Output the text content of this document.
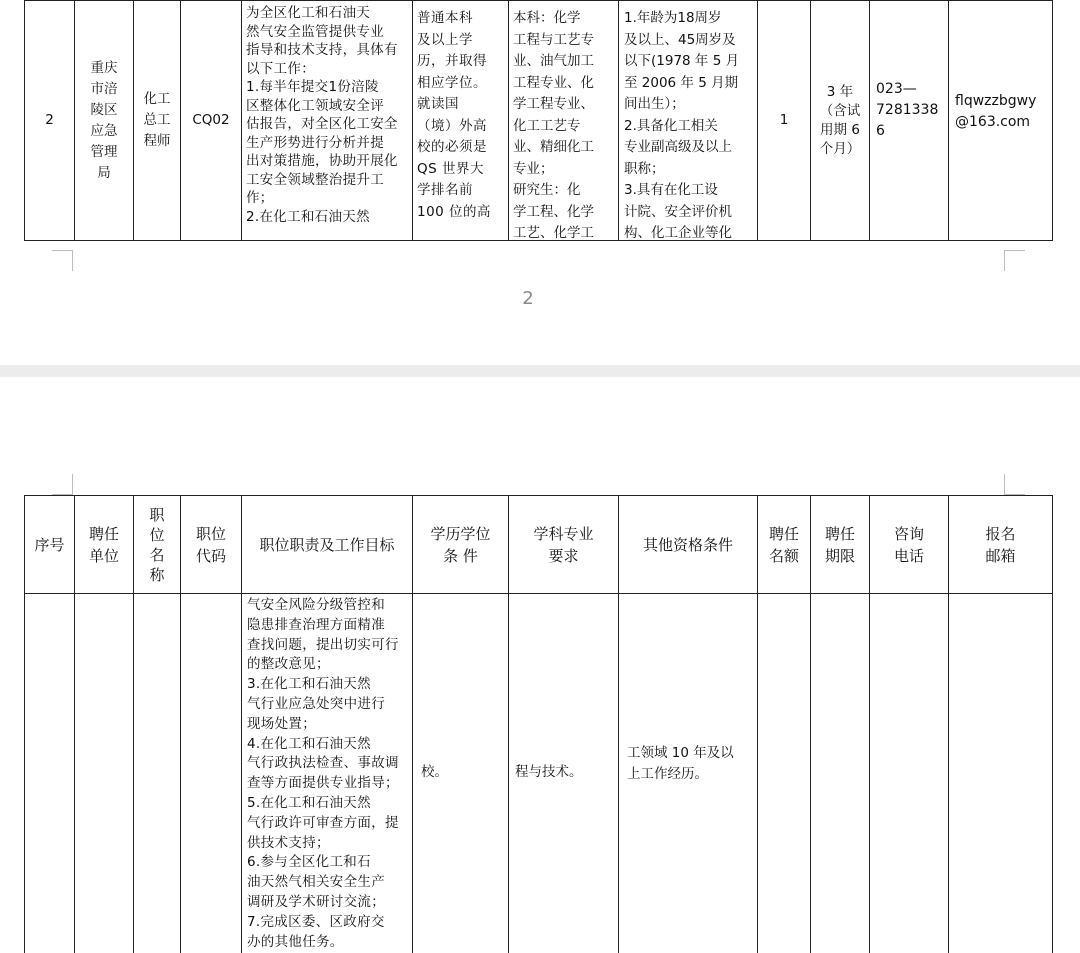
2
重庆
市涪
陵区
应急
管理
局
化工
总工
程师
CQ02
为全区化工和石油天
然气安全监管提供专业
指导和技术支持，具体有
以下工作：
1.每半年提交1份涪陵
区整体化工领域安全评
估报告，对全区化工安全
生产形势进行分析并提
出对策措施，协助开展化
工安全领域整治提升工
作；
2.在化工和石油天然
普通本科
及以上学
历，并取得
相应学位。
就读国
（境）外高
校的必须是
QS 世界大
学排名前
100 位的高
本科：化学
工程与工艺专
业、油气加工
工程专业、化
学工程专业、
化工工艺专
业、精细化工
专业；
研究生：化
学工程、化学
工艺、化学工
1.年龄为18周岁
及以上、45周岁及
以下(1978 年 5 月
至 2006 年 5 月期
间出生）；
2.具备化工相关
专业副高级及以上
职称；
3.具有在化工设
计院、安全评价机
构、化工企业等化
1
3 年
（含试
用期 6
个月）
023—
7281338
6
flqwzzbgwy
@163.com
2
序号
聘任
单位
职
位
名
称
职位
代码
职位职责及工作目标
学历学位
条 件
学科专业
要求
其他资格条件
聘任
名额
聘任
期限
咨询
电话
报名
邮箱
气安全风险分级管控和
隐患排查治理方面精准
查找问题，提出切实可行
的整改意见；
3.在化工和石油天然
气行业应急处突中进行
现场处置；
4.在化工和石油天然
气行政执法检查、事故调
查等方面提供专业指导；
5.在化工和石油天然
气行政许可审查方面，提
供技术支持；
6.参与全区化工和石
油天然气相关安全生产
调研及学术研讨交流；
7.完成区委、区政府交
办的其他任务。
校。	程与技术。
工领域 10 年及以
上工作经历。
